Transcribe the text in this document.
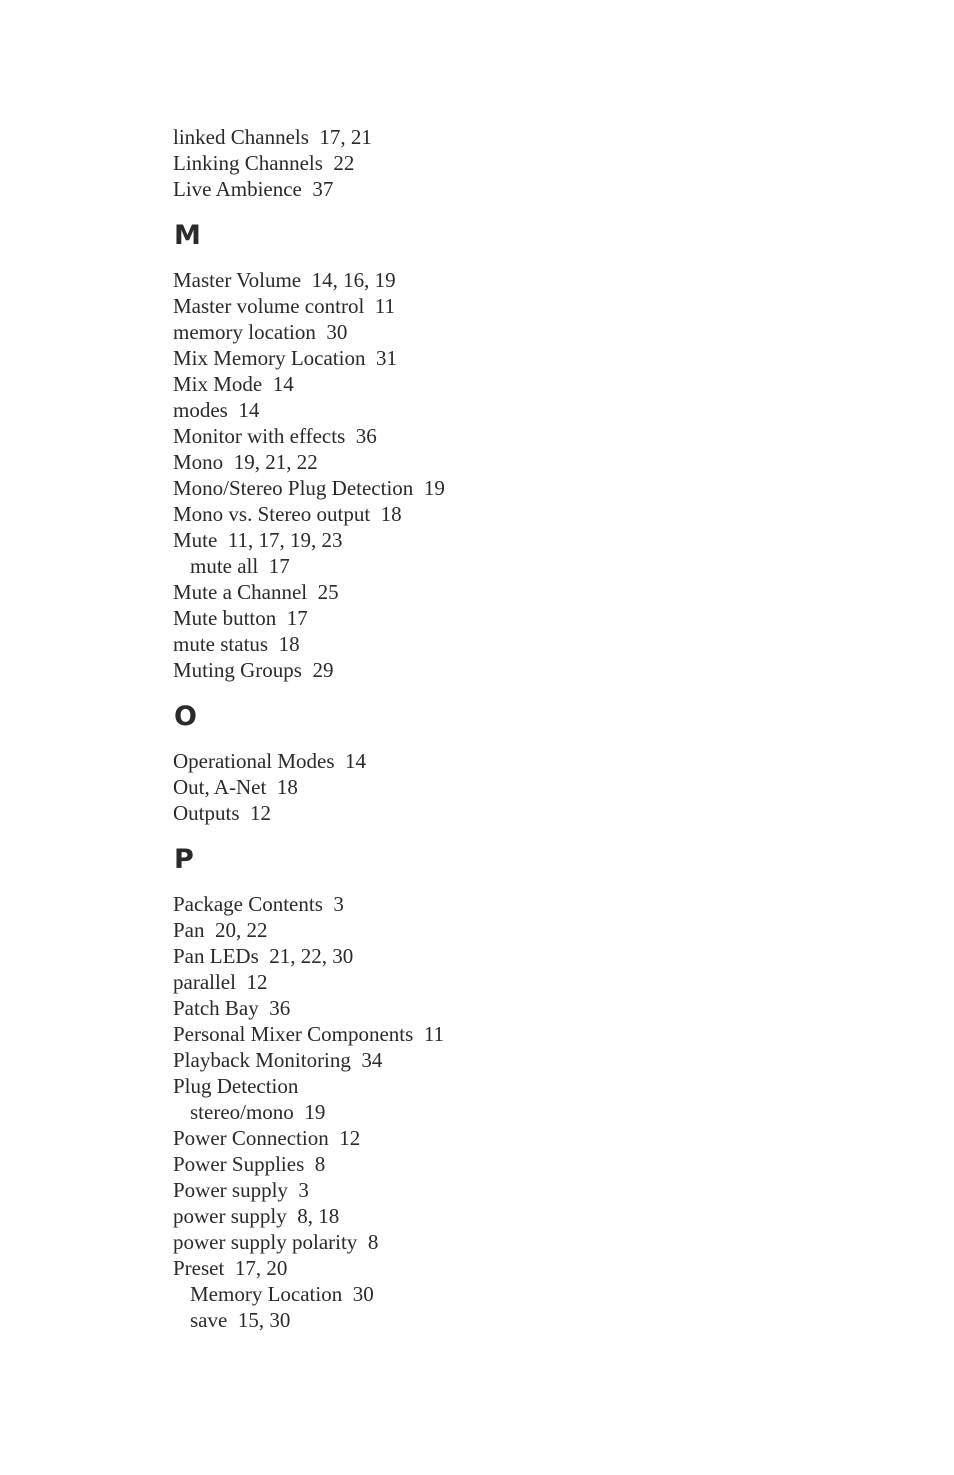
linked Channels 17, 21
Linking Channels 22
Live Ambience 37
M
Master Volume 14, 16, 19
Master volume control 11
memory location 30
Mix Memory Location 31
Mix Mode 14
modes 14
Monitor with effects 36
Mono 19, 21, 22
Mono/Stereo Plug Detection 19
Mono vs. Stereo output 18
Mute 11, 17, 19, 23
mute all 17
Mute a Channel 25
Mute button 17
mute status 18
Muting Groups 29
O
Operational Modes 14
Out, A-Net 18
Outputs 12
P
Package Contents 3
Pan 20, 22
Pan LEDs 21, 22, 30
parallel 12
Patch Bay 36
Personal Mixer Components 11
Playback Monitoring 34
Plug Detection
stereo/mono 19
Power Connection 12
Power Supplies 8
Power supply 3
power supply 8, 18
power supply polarity 8
Preset 17, 20
Memory Location 30
save 15, 30
